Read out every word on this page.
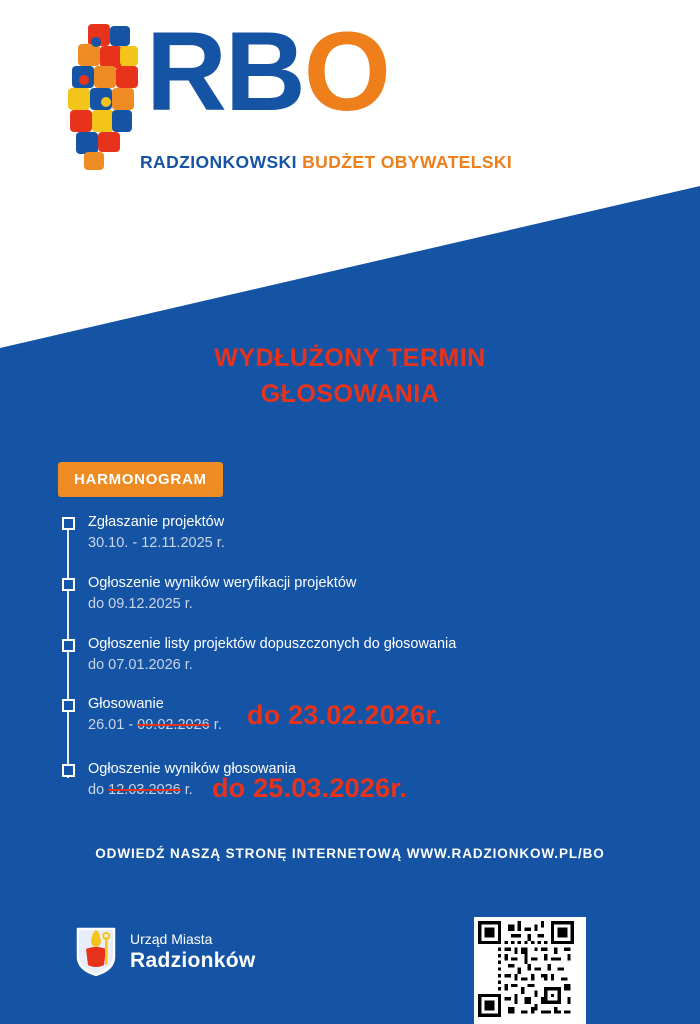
RBO
RADZIONKOWSKI BUDŻET OBYWATELSKI
WYDŁUŻONY TERMIN
GŁOSOWANIA
HARMONOGRAM
Zgłaszanie projektów
30.10. - 12.11.2025 r.
Ogłoszenie wyników weryfikacji projektów
do 09.12.2025 r.
Ogłoszenie listy projektów dopuszczonych do głosowania
do 07.01.2026 r.
Głosowanie
26.01 - 09.02.2026 r.
Ogłoszenie wyników głosowania
do 12.03.2026 r.
do 23.02.2026r.
do 25.03.2026r.
ODWIEDŹ NASZĄ STRONĘ INTERNETOWĄ WWW.RADZIONKOW.PL/BO
Urząd Miasta
Radzionków
